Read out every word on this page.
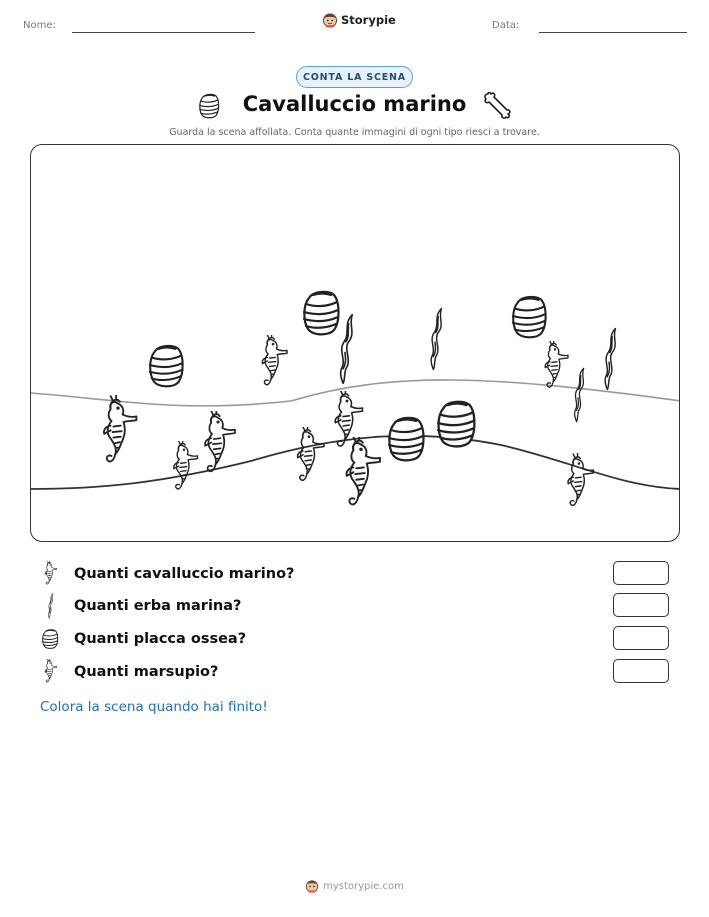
Nome:	Storypie	Data:
CONTA LA SCENA
Cavalluccio marino
Guarda la scena affollata. Conta quante immagini di ogni tipo riesci a trovare.
Quanti cavalluccio marino?
Quanti erba marina?
Quanti placca ossea?
Quanti marsupio?
Colora la scena quando hai finito!
mystorypie.com
